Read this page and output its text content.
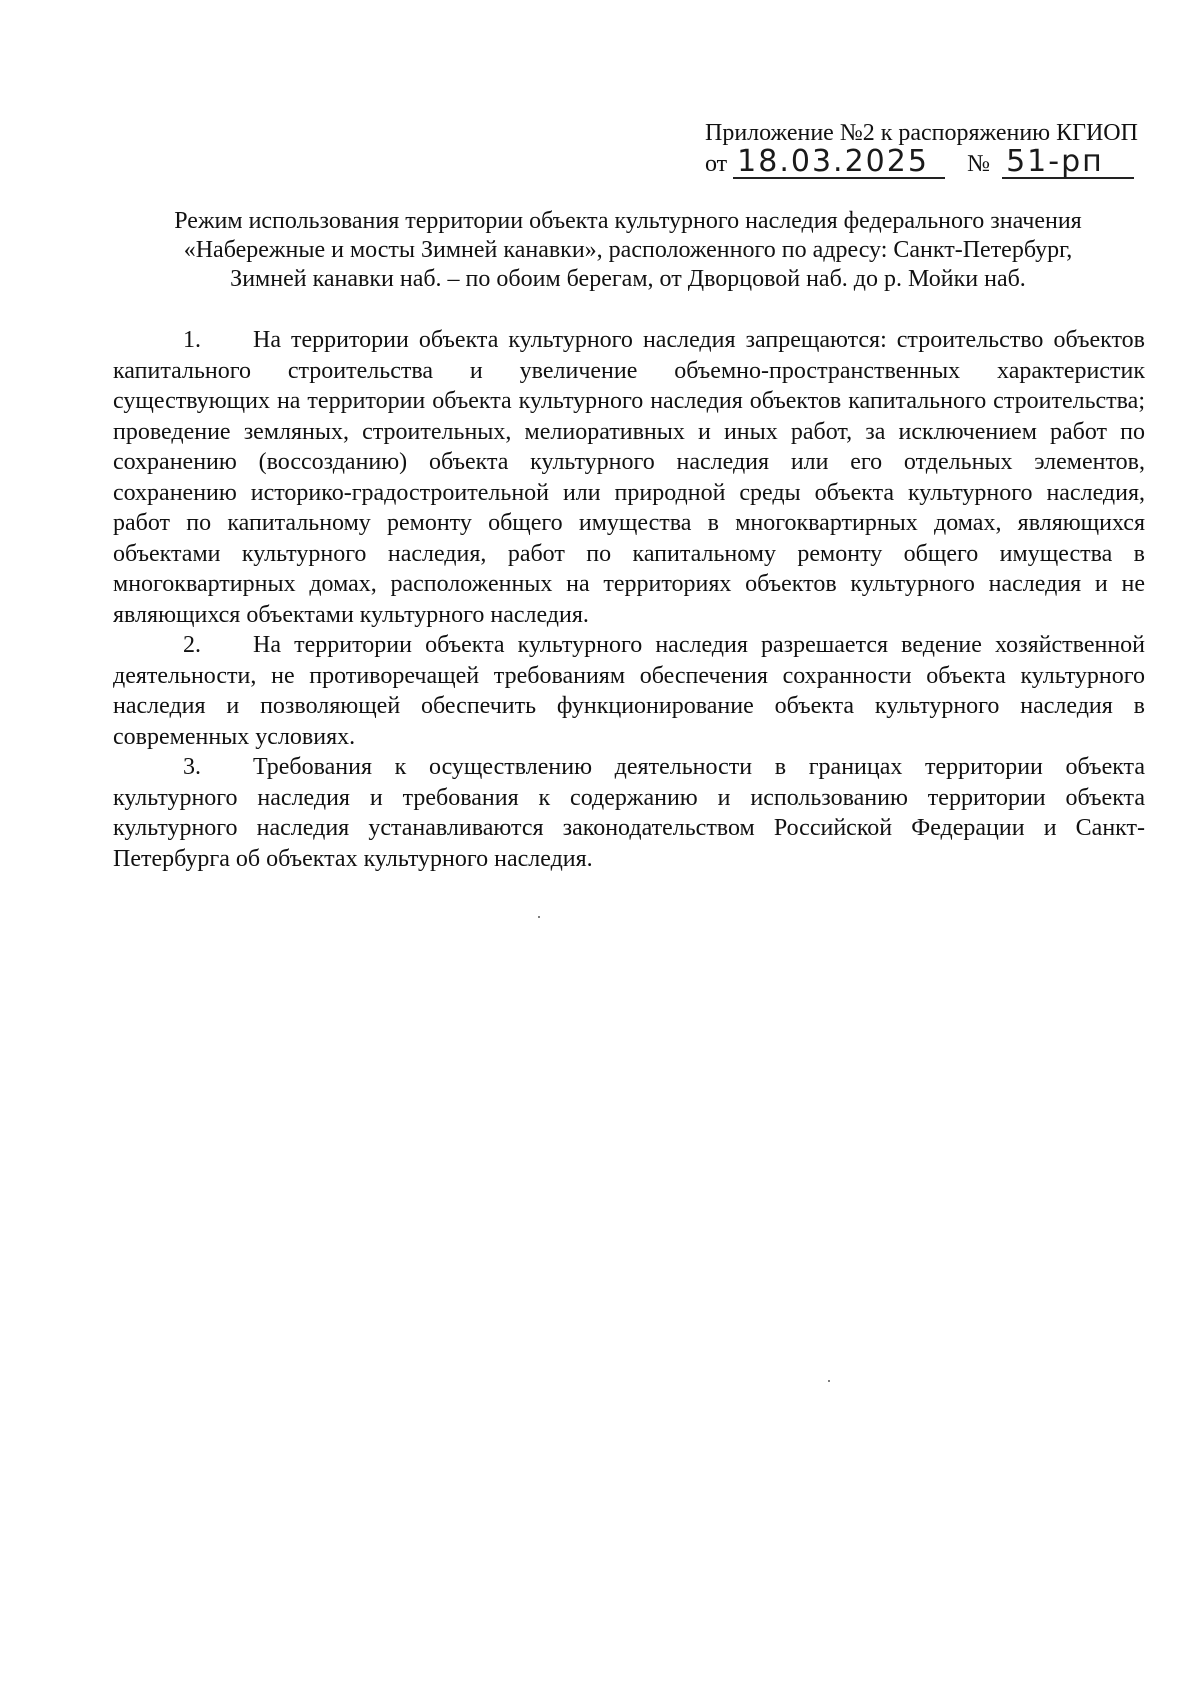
Приложение №2 к распоряжению КГИОП
от 18.03.2025 № 51-рп
Режим использования территории объекта культурного наследия федерального значения
«Набережные и мосты Зимней канавки», расположенного по адресу: Санкт-Петербург,
Зимней канавки наб. – по обоим берегам, от Дворцовой наб. до р. Мойки наб.

1. На территории объекта культурного наследия запрещаются: строительство объектов капитального строительства и увеличение объемно-пространственных характеристик существующих на территории объекта культурного наследия объектов капитального строительства; проведение земляных, строительных, мелиоративных и иных работ, за исключением работ по сохранению (воссозданию) объекта культурного наследия или его отдельных элементов, сохранению историко-градостроительной или природной среды объекта культурного наследия, работ по капитальному ремонту общего имущества в многоквартирных домах, являющихся объектами культурного наследия, работ по капитальному ремонту общего имущества в многоквартирных домах, расположенных на территориях объектов культурного наследия и не являющихся объектами культурного наследия.

2. На территории объекта культурного наследия разрешается ведение хозяйственной деятельности, не противоречащей требованиям обеспечения сохранности объекта культурного наследия и позволяющей обеспечить функционирование объекта культурного наследия в современных условиях.

3. Требования к осуществлению деятельности в границах территории объекта культурного наследия и требования к содержанию и использованию территории объекта культурного наследия устанавливаются законодательством Российской Федерации и Санкт-Петербурга об объектах культурного наследия.
